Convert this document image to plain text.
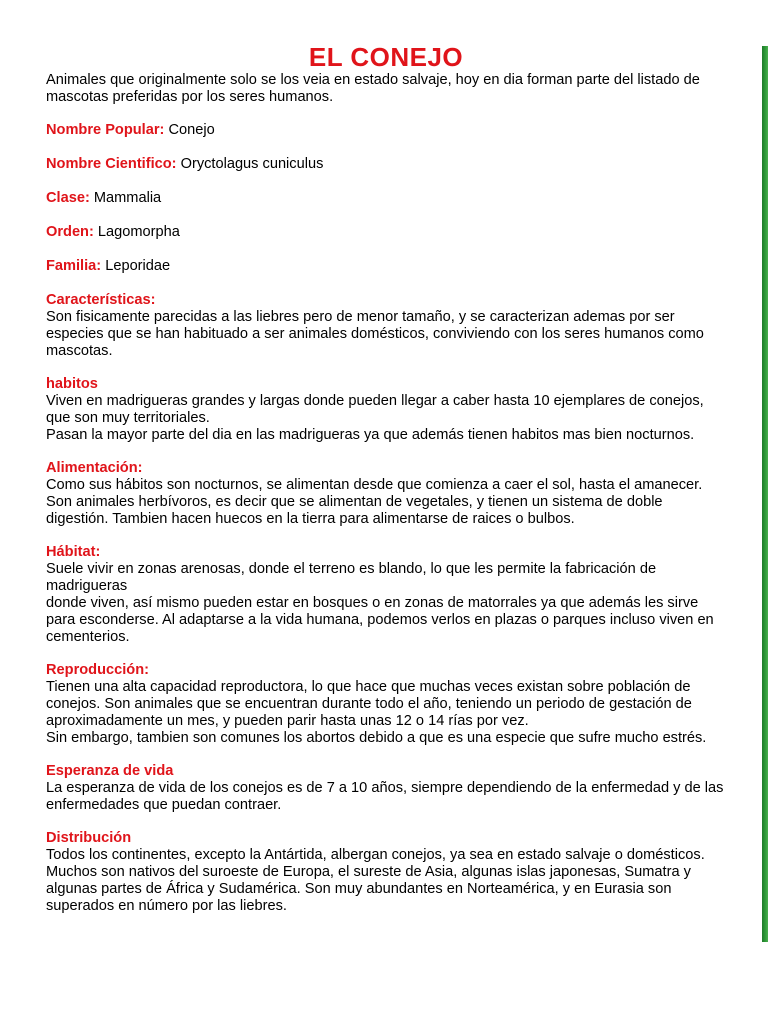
EL CONEJO

Animales que originalmente solo se los veia en estado salvaje, hoy en dia forman parte del listado de mascotas preferidas por los seres humanos.

Nombre Popular: Conejo

Nombre Cientifico: Oryctolagus cuniculus

Clase: Mammalia

Orden: Lagomorpha

Familia: Leporidae

Características:
Son fisicamente parecidas a las liebres pero de menor tamaño, y se caracterizan ademas por ser especies que se han habituado a ser animales domésticos, conviviendo con los seres humanos como mascotas.
habitos
Viven en madrigueras grandes y largas donde pueden llegar a caber hasta 10 ejemplares de conejos, que son muy territoriales.
Pasan la mayor parte del dia en las madrigueras ya que además tienen habitos mas bien nocturnos.
Alimentación:
Como sus hábitos son nocturnos, se alimentan desde que comienza a caer el sol, hasta el amanecer. Son animales herbívoros, es decir que se alimentan de vegetales, y tienen un sistema de doble digestión. Tambien hacen huecos en la tierra para alimentarse de raices o bulbos.
Hábitat:
Suele vivir en zonas arenosas, donde el terreno es blando, lo que les permite la fabricación de madrigueras
donde viven, así mismo pueden estar en bosques o en zonas de matorrales ya que además les sirve para esconderse. Al adaptarse a la vida humana, podemos verlos en plazas o parques incluso viven en cementerios.
Reproducción:
Tienen una alta capacidad reproductora, lo que hace que muchas veces existan sobre población de conejos. Son animales que se encuentran durante todo el año, teniendo un periodo de gestación de aproximadamente un mes, y pueden parir hasta unas 12 o 14 rías por vez.
Sin embargo, tambien son comunes los abortos debido a que es una especie que sufre mucho estrés.
Esperanza de vida
La esperanza de vida de los conejos es de 7 a 10 años, siempre dependiendo de la enfermedad y de las enfermedades que puedan contraer.
Distribución
Todos los continentes, excepto la Antártida, albergan conejos, ya sea en estado salvaje o domésticos. Muchos son nativos del suroeste de Europa, el sureste de Asia, algunas islas japonesas, Sumatra y algunas partes de África y Sudamérica. Son muy abundantes en Norteamérica, y en Eurasia son superados en número por las liebres.
